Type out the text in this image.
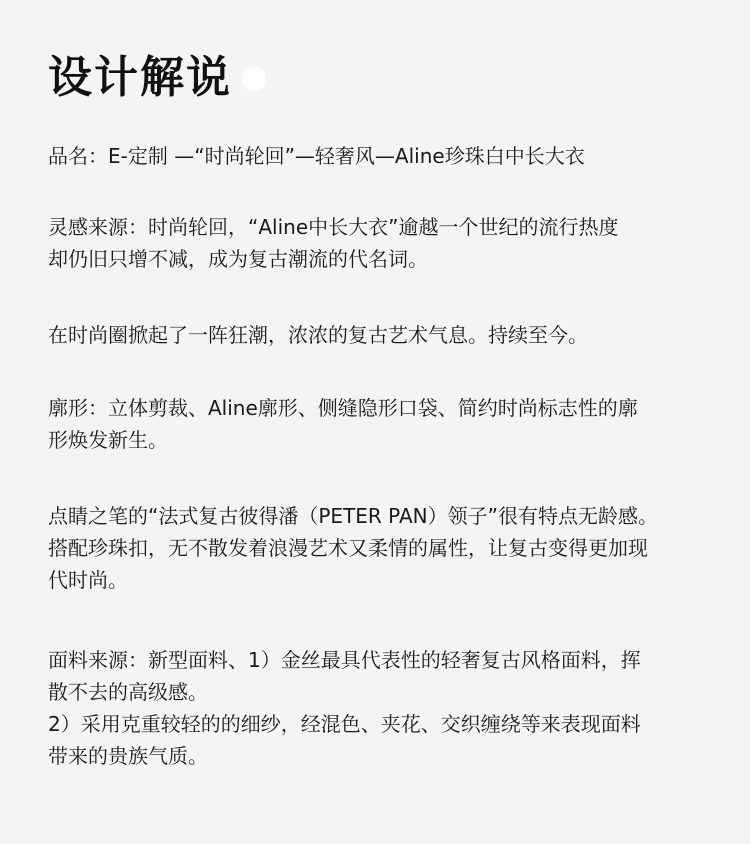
设计解说
品名：E-定制 —“时尚轮回”—轻奢风—Aline珍珠白中长大衣
灵感来源：时尚轮回，“Aline中长大衣”逾越一个世纪的流行热度
却仍旧只增不减，成为复古潮流的代名词。
在时尚圈掀起了一阵狂潮，浓浓的复古艺术气息。持续至今。
廓形：立体剪裁、Aline廓形、侧缝隐形口袋、简约时尚标志性的廓
形焕发新生。
点睛之笔的“法式复古彼得潘（PETER PAN）领子”很有特点无龄感。
搭配珍珠扣，无不散发着浪漫艺术又柔情的属性，让复古变得更加现
代时尚。
面料来源：新型面料、1）金丝最具代表性的轻奢复古风格面料，挥
散不去的高级感。
2）采用克重较轻的的细纱，经混色、夹花、交织缠绕等来表现面料
带来的贵族气质。
